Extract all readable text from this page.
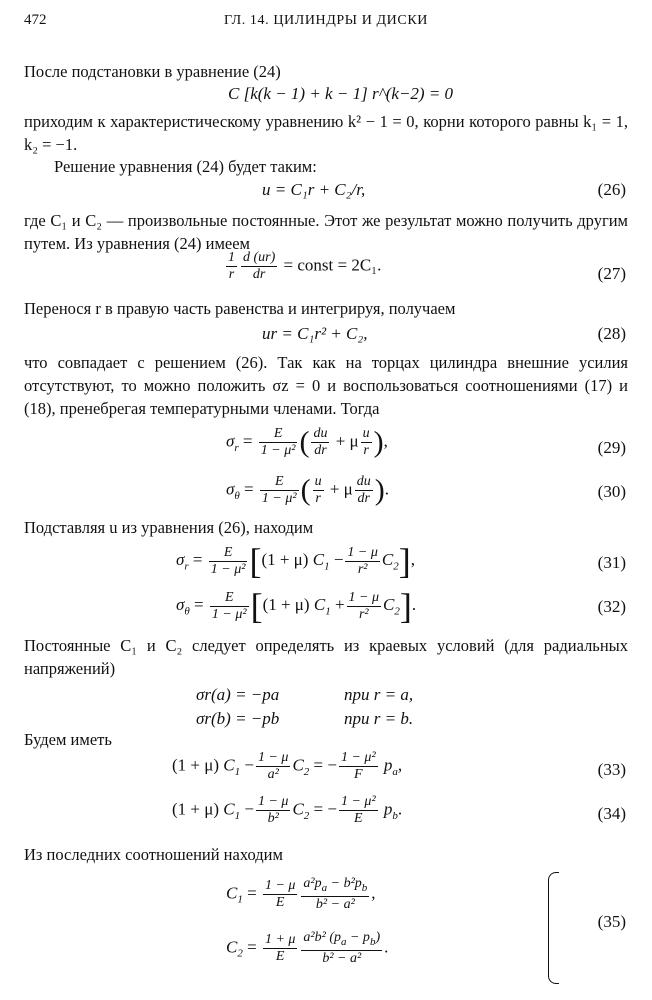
472	ГЛ. 14. ЦИЛИНДРЫ И ДИСКИ
После подстановки в уравнение (24)
C [k(k − 1) + k − 1] r^(k−2) = 0
приходим к характеристическому уравнению k² − 1 = 0, корни которого равны k₁ = 1, k₂ = −1.
Решение уравнения (24) будет таким:
u = C₁r + C₂/r,	(26)
где C₁ и C₂ — произвольные постоянные. Этот же результат можно получить другим путем. Из уравнения (24) имеем
$\frac{1}{r} \frac{d (ur)}{dr}$ = const = 2C₁.	(27)
Перенося r в правую часть равенства и интегрируя, получаем
ur = C₁r² + C₂,	(28)
что совпадает с решением (26). Так как на торцах цилиндра внешние усилия отсутствуют, то можно положить σz = 0 и воспользоваться соотношениями (17) и (18), пренебрегая температурными членами. Тогда
$\sigma_r = \frac{E}{\text{1 − μ²}}$ ( $\frac{du}{dr} + \mu \frac{u}{r}$ ),	(29)
$\sigma_\theta = \frac{E}{\text{1 − μ²}}$ ( $\frac{u}{r} + \mu \frac{du}{dr}$ ).	(30)
Подставляя u из уравнения (26), находим
$\sigma_r = \frac{E}{\text{1 − μ²}} [(1 + \mu) C_1 - \frac{1 - \mu}{\text{r²}} C_2]$,	(31)
$\sigma_\theta = \frac{E}{\text{1 − μ²}} [(1 + \mu) C_1 + \frac{1 - \mu}{\text{r²}} C_2]$.	(32)
Постоянные C₁ и C₂ следует определять из краевых условий (для радиальных напряжений)
σr(a) = −pa	при r = a,
σr(b) = −pb	при r = b.
Будем иметь
(1 + μ) $C_1 - \frac{1 - \mu}{\text{a²}} C_2$ = − $\frac{\text{1 − μ²}}{F} p_a$,	(33)
(1 + μ) $C_1 - \frac{1 - \mu}{\text{b²}} C_2$ = − $\frac{\text{1 − μ²}}{E} p_b$.	(34)
Из последних соотношений находим
$C_1 = \frac{1 - \mu}{E} \frac{a^2p_a - b^2p_b}{\text{b² − a²}}$ ,
$C_2 = \frac{1 + \mu}{E} \frac{a^2b^2 (p_a - p_b)}{\text{b² − a²}}$ .
(35)
